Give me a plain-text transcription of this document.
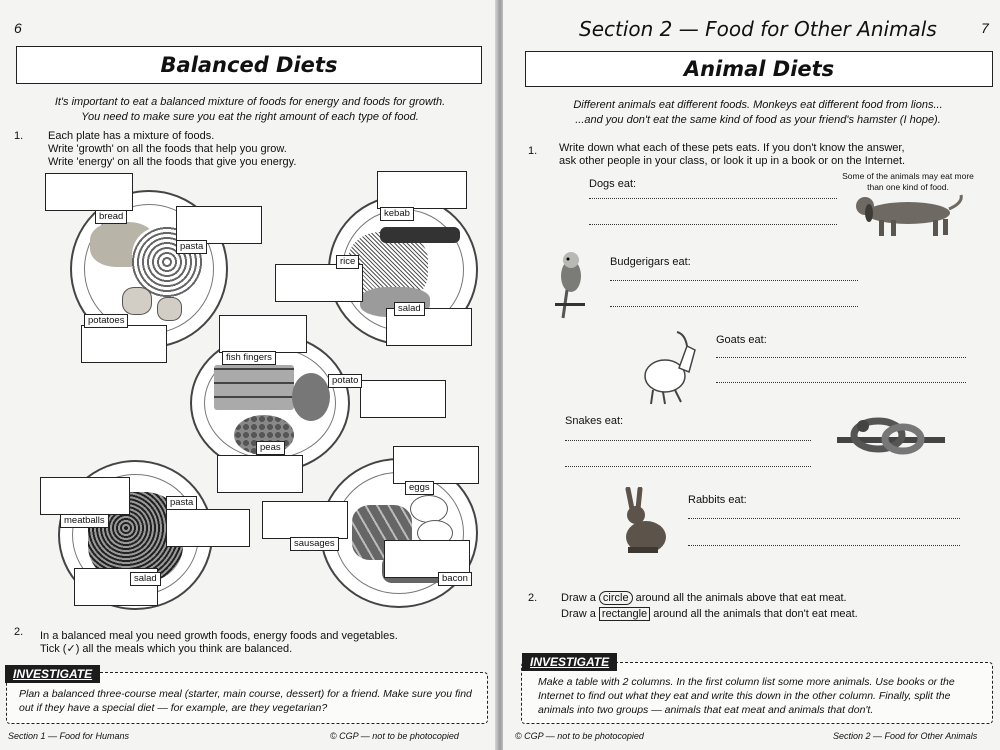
6
Balanced Diets
It's important to eat a balanced mixture of foods for energy and foods for growth.
You need to make sure you eat the right amount of each type of food.
1. Each plate has a mixture of foods.
Write 'growth' on all the foods that help you grow.
Write 'energy' on all the foods that give you energy.
bread
pasta
potatoes
kebab
rice
salad
fish fingers
potato
peas
pasta
meatballs
salad
eggs
sausages
bacon
2. In a balanced meal you need growth foods, energy foods and vegetables.
Tick (✓) all the meals which you think are balanced.
INVESTIGATE
Plan a balanced three-course meal (starter, main course, dessert) for a friend. Make sure you find out if they have a special diet — for example, are they vegetarian?
Section 1 — Food for Humans	© CGP — not to be photocopied
Section 2 — Food for Other Animals	7
Animal Diets
Different animals eat different foods. Monkeys eat different food from lions...
...and you don't eat the same kind of food as your friend's hamster (I hope).
1. Write down what each of these pets eats. If you don't know the answer,
ask other people in your class, or look it up in a book or on the Internet.
Some of the animals may eat more than one kind of food.
Dogs eat:
Budgerigars eat:
Goats eat:
Snakes eat:
Rabbits eat:
2. Draw a circle around all the animals above that eat meat.
Draw a rectangle around all the animals that don't eat meat.
INVESTIGATE
Make a table with 2 columns. In the first column list some more animals. Use books or the Internet to find out what they eat and write this down in the other column. Finally, split the animals into two groups — animals that eat meat and animals that don't.
© CGP — not to be photocopied	Section 2 — Food for Other Animals
